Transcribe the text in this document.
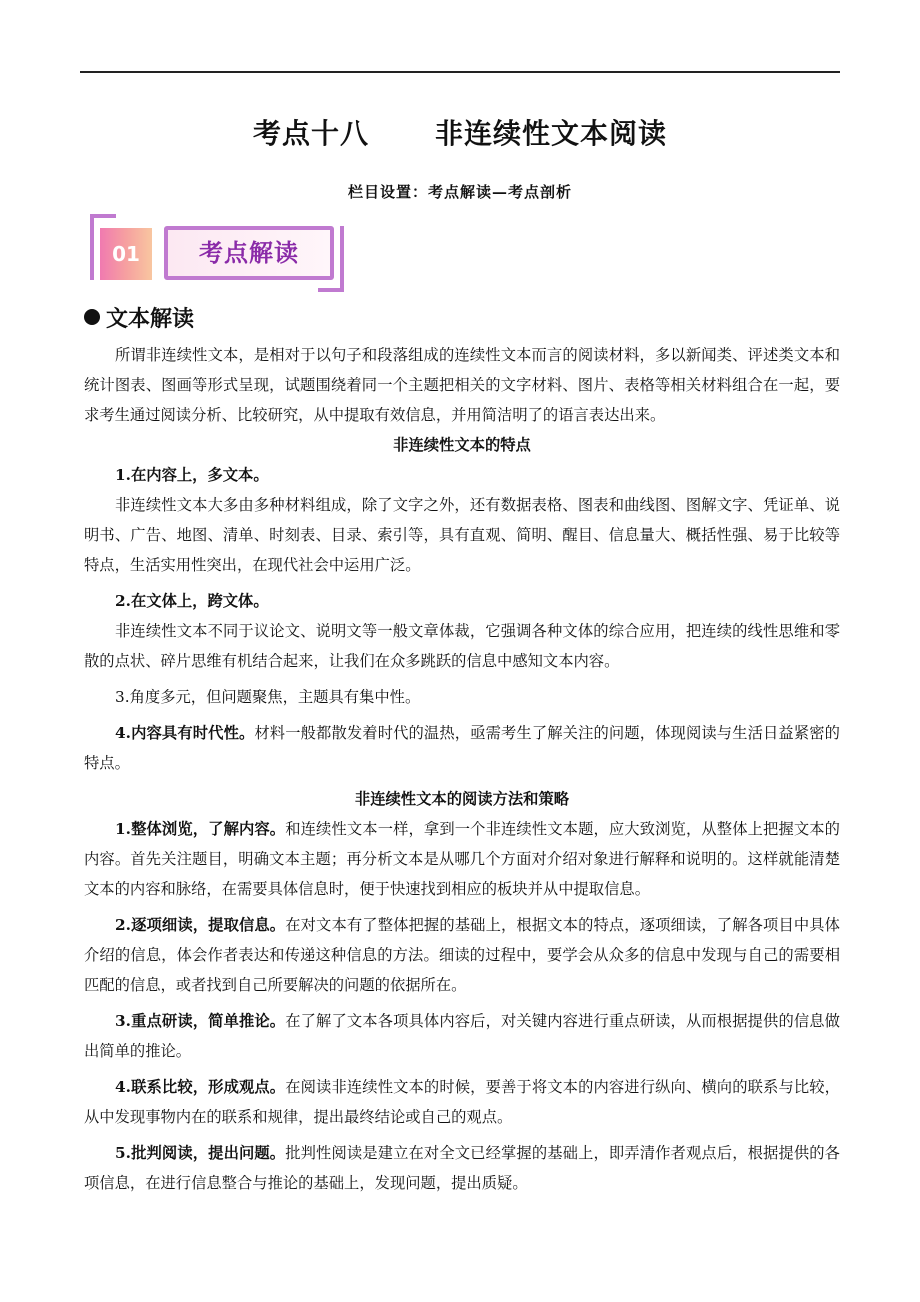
考点十八 非连续性文本阅读
栏目设置：考点解读—考点剖析
01	考点解读
文本解读

所谓非连续性文本，是相对于以句子和段落组成的连续性文本而言的阅读材料，多以新闻类、评述类文本和统计图表、图画等形式呈现，试题围绕着同一个主题把相关的文字材料、图片、表格等相关材料组合在一起，要求考生通过阅读分析、比较研究，从中提取有效信息，并用简洁明了的语言表达出来。

非连续性文本的特点

1.在内容上，多文本。

非连续性文本大多由多种材料组成，除了文字之外，还有数据表格、图表和曲线图、图解文字、凭证单、说明书、广告、地图、清单、时刻表、目录、索引等，具有直观、简明、醒目、信息量大、概括性强、易于比较等特点，生活实用性突出，在现代社会中运用广泛。

2.在文体上，跨文体。

非连续性文本不同于议论文、说明文等一般文章体裁，它强调各种文体的综合应用，把连续的线性思维和零散的点状、碎片思维有机结合起来，让我们在众多跳跃的信息中感知文本内容。

3.角度多元，但问题聚焦，主题具有集中性。

4.内容具有时代性。材料一般都散发着时代的温热，亟需考生了解关注的问题，体现阅读与生活日益紧密的特点。

非连续性文本的阅读方法和策略

1.整体浏览，了解内容。和连续性文本一样，拿到一个非连续性文本题，应大致浏览，从整体上把握文本的内容。首先关注题目，明确文本主题；再分析文本是从哪几个方面对介绍对象进行解释和说明的。这样就能清楚文本的内容和脉络，在需要具体信息时，便于快速找到相应的板块并从中提取信息。

2.逐项细读，提取信息。在对文本有了整体把握的基础上，根据文本的特点，逐项细读，了解各项目中具体介绍的信息，体会作者表达和传递这种信息的方法。细读的过程中，要学会从众多的信息中发现与自己的需要相匹配的信息，或者找到自己所要解决的问题的依据所在。

3.重点研读，简单推论。在了解了文本各项具体内容后，对关键内容进行重点研读，从而根据提供的信息做出简单的推论。

4.联系比较，形成观点。在阅读非连续性文本的时候，要善于将文本的内容进行纵向、横向的联系与比较，从中发现事物内在的联系和规律，提出最终结论或自己的观点。

5.批判阅读，提出问题。批判性阅读是建立在对全文已经掌握的基础上，即弄清作者观点后，根据提供的各项信息，在进行信息整合与推论的基础上，发现问题，提出质疑。
